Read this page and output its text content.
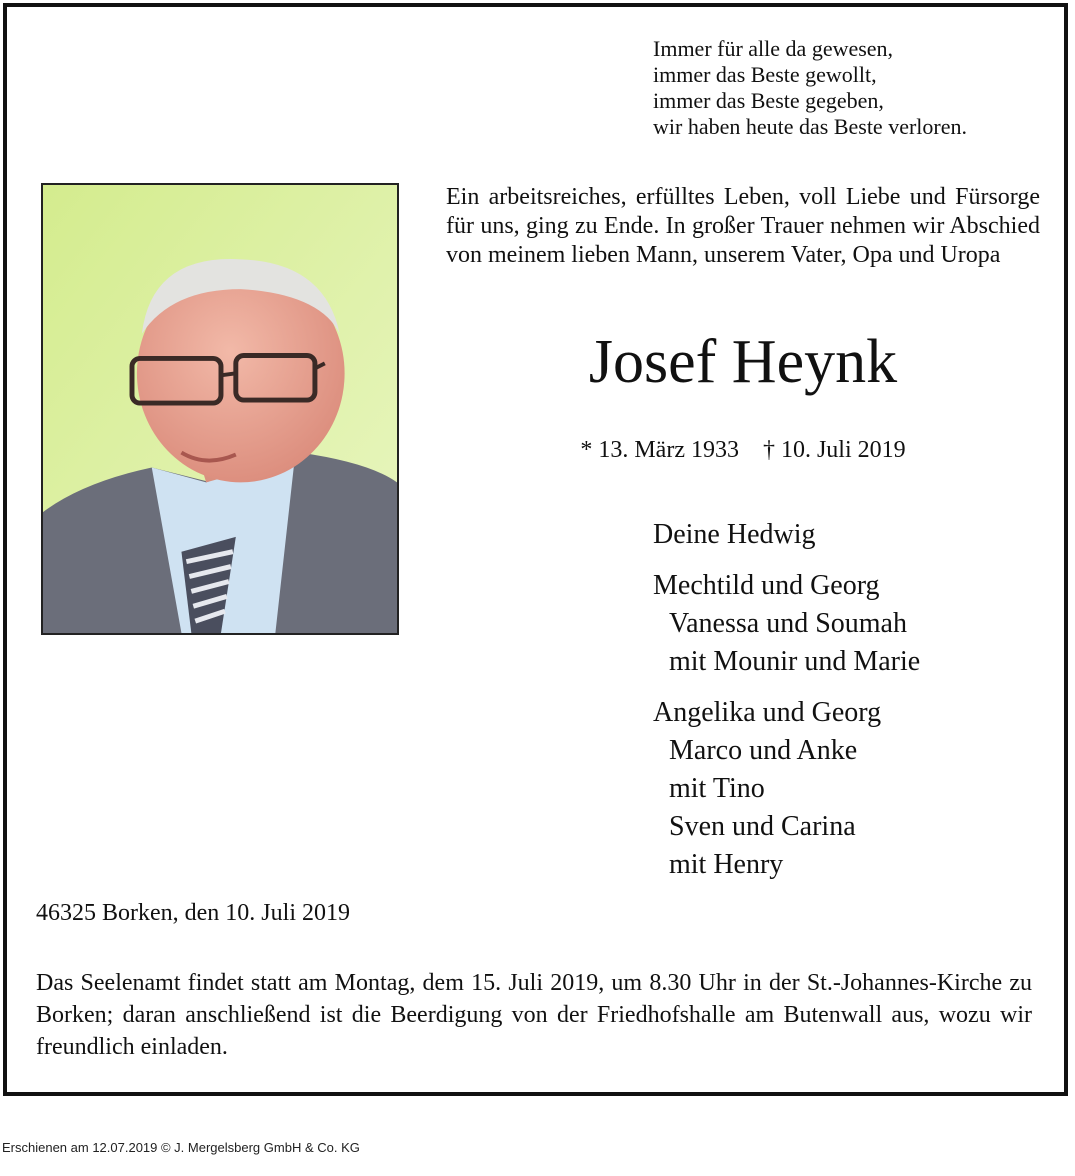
Immer für alle da gewesen,
immer das Beste gewollt,
immer das Beste gegeben,
wir haben heute das Beste verloren.
Ein arbeitsreiches, erfülltes Leben, voll Liebe und Fürsorge für uns, ging zu Ende. In großer Trauer nehmen wir Abschied von meinem lieben Mann, unserem Vater, Opa und Uropa
Josef Heynk
* 13. März 1933 † 10. Juli 2019
Deine Hedwig
Mechtild und Georg
Vanessa und Soumah
mit Mounir und Marie
Angelika und Georg
Marco und Anke
mit Tino
Sven und Carina
mit Henry
46325 Borken, den 10. Juli 2019
Das Seelenamt findet statt am Montag, dem 15. Juli 2019, um 8.30 Uhr in der St.-Johannes-Kirche zu Borken; daran anschließend ist die Beerdigung von der Friedhofshalle am Butenwall aus, wozu wir freundlich einladen.
Erschienen am 12.07.2019 © J. Mergelsberg GmbH & Co. KG
